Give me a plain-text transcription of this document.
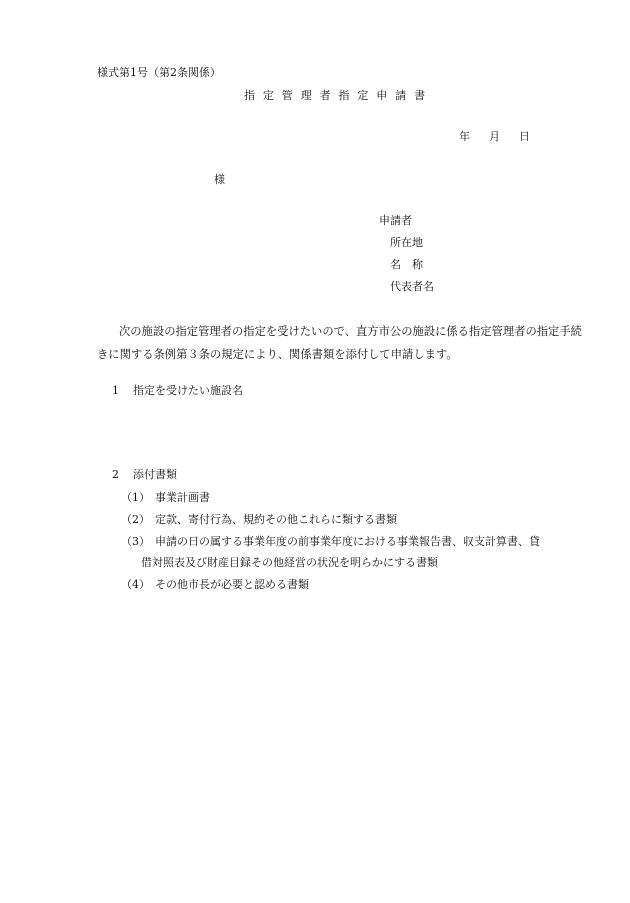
様式第1号（第2条関係）
指 定 管 理 者 指 定 申 請 書
年 月 日
様
申請者
所在地
名　称
代表者名
次の施設の指定管理者の指定を受けたいので、直方市公の施設に係る指定管理者の指定手続きに関する条例第３条の規定により、関係書類を添付して申請します。
1 指定を受けたい施設名
2 添付書類
（1） 事業計画書
（2） 定款、寄付行為、規約その他これらに類する書類
（3） 申請の日の属する事業年度の前事業年度における事業報告書、収支計算書、貸
借対照表及び財産目録その他経営の状況を明らかにする書類
（4） その他市長が必要と認める書類
